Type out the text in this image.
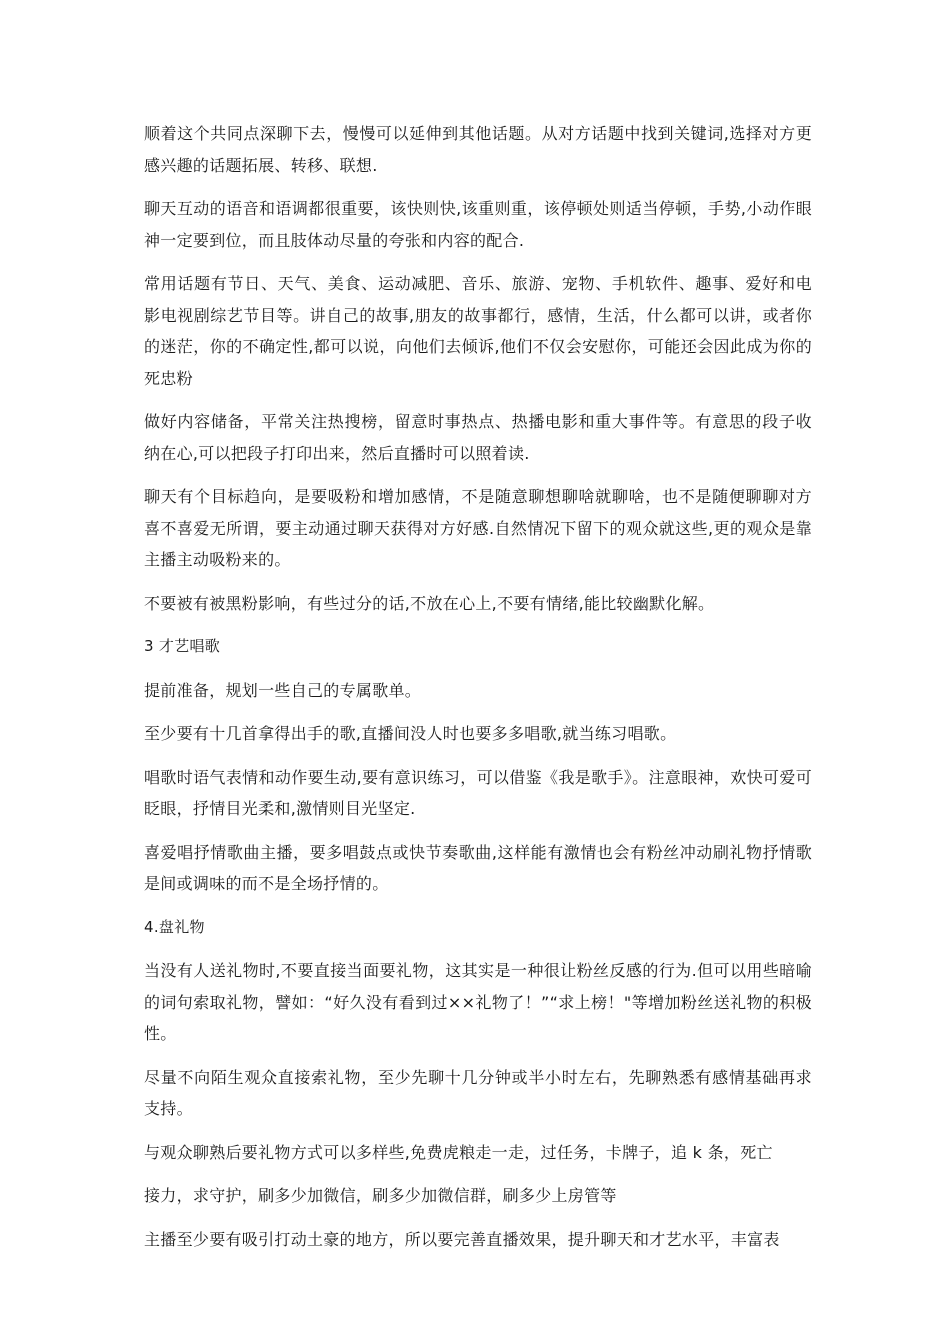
顺着这个共同点深聊下去，慢慢可以延伸到其他话题。从对方话题中找到关键词,选择对方更感兴趣的话题拓展、转移、联想.

聊天互动的语音和语调都很重要，该快则快,该重则重，该停顿处则适当停顿，手势,小动作眼神一定要到位，而且肢体动尽量的夸张和内容的配合.

常用话题有节日、天气、美食、运动减肥、音乐、旅游、宠物、手机软件、趣事、爱好和电影电视剧综艺节目等。讲自己的故事,朋友的故事都行，感情，生活，什么都可以讲，或者你的迷茫，你的不确定性,都可以说，向他们去倾诉,他们不仅会安慰你，可能还会因此成为你的死忠粉

做好内容储备，平常关注热搜榜，留意时事热点、热播电影和重大事件等。有意思的段子收纳在心,可以把段子打印出来，然后直播时可以照着读.

聊天有个目标趋向，是要吸粉和增加感情，不是随意聊想聊啥就聊啥，也不是随便聊聊对方喜不喜爱无所谓，要主动通过聊天获得对方好感.自然情况下留下的观众就这些,更的观众是靠主播主动吸粉来的。

不要被有被黑粉影响，有些过分的话,不放在心上,不要有情绪,能比较幽默化解。

3 才艺唱歌

提前准备，规划一些自己的专属歌单。

至少要有十几首拿得出手的歌,直播间没人时也要多多唱歌,就当练习唱歌。

唱歌时语气表情和动作要生动,要有意识练习，可以借鉴《我是歌手》。注意眼神，欢快可爱可眨眼，抒情目光柔和,激情则目光坚定.

喜爱唱抒情歌曲主播，要多唱鼓点或快节奏歌曲,这样能有激情也会有粉丝冲动刷礼物抒情歌是间或调味的而不是全场抒情的。

4.盘礼物

当没有人送礼物时,不要直接当面要礼物，这其实是一种很让粉丝反感的行为.但可以用些暗喻的词句索取礼物，譬如：“好久没有看到过××礼物了！”“求上榜！"等增加粉丝送礼物的积极性。

尽量不向陌生观众直接索礼物，至少先聊十几分钟或半小时左右，先聊熟悉有感情基础再求支持。

与观众聊熟后要礼物方式可以多样些,免费虎粮走一走，过任务，卡牌子，追 k 条，死亡

接力，求守护，刷多少加微信，刷多少加微信群，刷多少上房管等

主播至少要有吸引打动土豪的地方，所以要完善直播效果，提升聊天和才艺水平，丰富表
